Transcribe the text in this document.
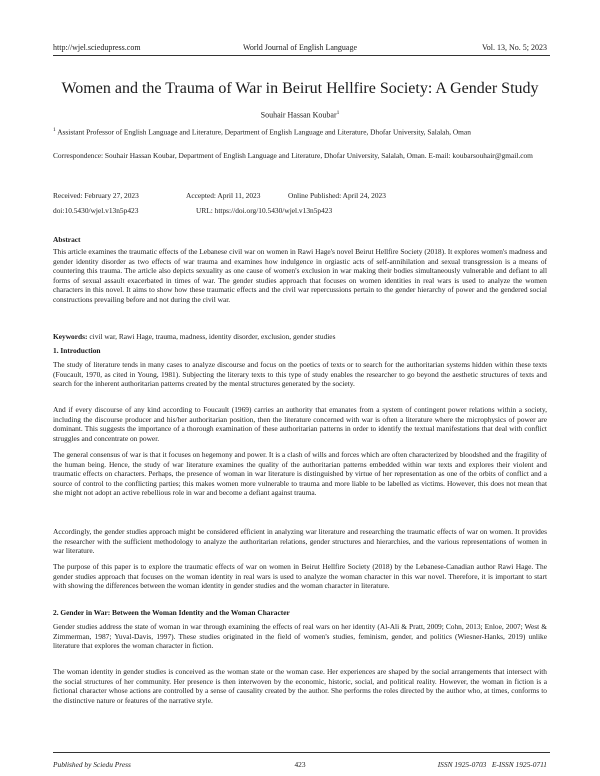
http://wjel.sciedupress.com	World Journal of English Language	Vol. 13, No. 5; 2023
Women and the Trauma of War in Beirut Hellfire Society: A Gender Study
Souhair Hassan Koubar$^1$
$^1$ Assistant Professor of English Language and Literature, Department of English Language and Literature, Dhofar University, Salalah, Oman
Correspondence: Souhair Hassan Koubar, Department of English Language and Literature, Dhofar University, Salalah, Oman. E-mail: koubarsouhair@gmail.com
Received: February 27, 2023	Accepted: April 11, 2023	Online Published: April 24, 2023
doi:10.5430/wjel.v13n5p423	URL: https://doi.org/10.5430/wjel.v13n5p423
Abstract
This article examines the traumatic effects of the Lebanese civil war on women in Rawi Hage's novel Beirut Hellfire Society (2018). It explores women's madness and gender identity disorder as two effects of war trauma and examines how indulgence in orgiastic acts of self-annihilation and sexual transgression is a means of countering this trauma. The article also depicts sexuality as one cause of women's exclusion in war making their bodies simultaneously vulnerable and defiant to all forms of sexual assault exacerbated in times of war. The gender studies approach that focuses on women identities in real wars is used to analyze the women characters in this novel. It aims to show how these traumatic effects and the civil war repercussions pertain to the gender hierarchy of power and the gendered social constructions prevailing before and not during the civil war.
Keywords: civil war, Rawi Hage, trauma, madness, identity disorder, exclusion, gender studies
1. Introduction
The study of literature tends in many cases to analyze discourse and focus on the poetics of texts or to search for the authoritarian systems hidden within these texts (Foucault, 1970, as cited in Young, 1981). Subjecting the literary texts to this type of study enables the researcher to go beyond the aesthetic structures of texts and search for the inherent authoritarian patterns created by the mental structures generated by the society.
And if every discourse of any kind according to Foucault (1969) carries an authority that emanates from a system of contingent power relations within a society, including the discourse producer and his/her authoritarian position, then the literature concerned with war is often a literature where the microphysics of power are dominant. This suggests the importance of a thorough examination of these authoritarian patterns in order to identify the textual manifestations that deal with conflict struggles and concentrate on power.
The general consensus of war is that it focuses on hegemony and power. It is a clash of wills and forces which are often characterized by bloodshed and the fragility of the human being. Hence, the study of war literature examines the quality of the authoritarian patterns embedded within war texts and explores their violent and traumatic effects on characters. Perhaps, the presence of woman in war literature is distinguished by virtue of her representation as one of the orbits of conflict and a source of control to the conflicting parties; this makes women more vulnerable to trauma and more liable to be labelled as victims. However, this does not mean that she might not adopt an active rebellious role in war and become a defiant against trauma.
Accordingly, the gender studies approach might be considered efficient in analyzing war literature and researching the traumatic effects of war on women. It provides the researcher with the sufficient methodology to analyze the authoritarian relations, gender structures and hierarchies, and the various representations of women in war literature.
The purpose of this paper is to explore the traumatic effects of war on women in Beirut Hellfire Society (2018) by the Lebanese-Canadian author Rawi Hage. The gender studies approach that focuses on the woman identity in real wars is used to analyze the woman character in this war novel. Therefore, it is important to start with showing the differences between the woman identity in gender studies and the woman character in literature.
2. Gender in War: Between the Woman Identity and the Woman Character
Gender studies address the state of woman in war through examining the effects of real wars on her identity (Al-Ali & Pratt, 2009; Cohn, 2013; Enloe, 2007; West & Zimmerman, 1987; Yuval-Davis, 1997). These studies originated in the field of women's studies, feminism, gender, and politics (Wiesner-Hanks, 2019) unlike literature that explores the woman character in fiction.
The woman identity in gender studies is conceived as the woman state or the woman case. Her experiences are shaped by the social arrangements that intersect with the social structures of her community. Her presence is then interwoven by the economic, historic, social, and political reality. However, the woman in fiction is a fictional character whose actions are controlled by a sense of causality created by the author. She performs the roles directed by the author who, at times, conforms to the distinctive nature or features of the narrative style.
Published by Sciedu Press	423	ISSN 1925-0703   E-ISSN 1925-0711
